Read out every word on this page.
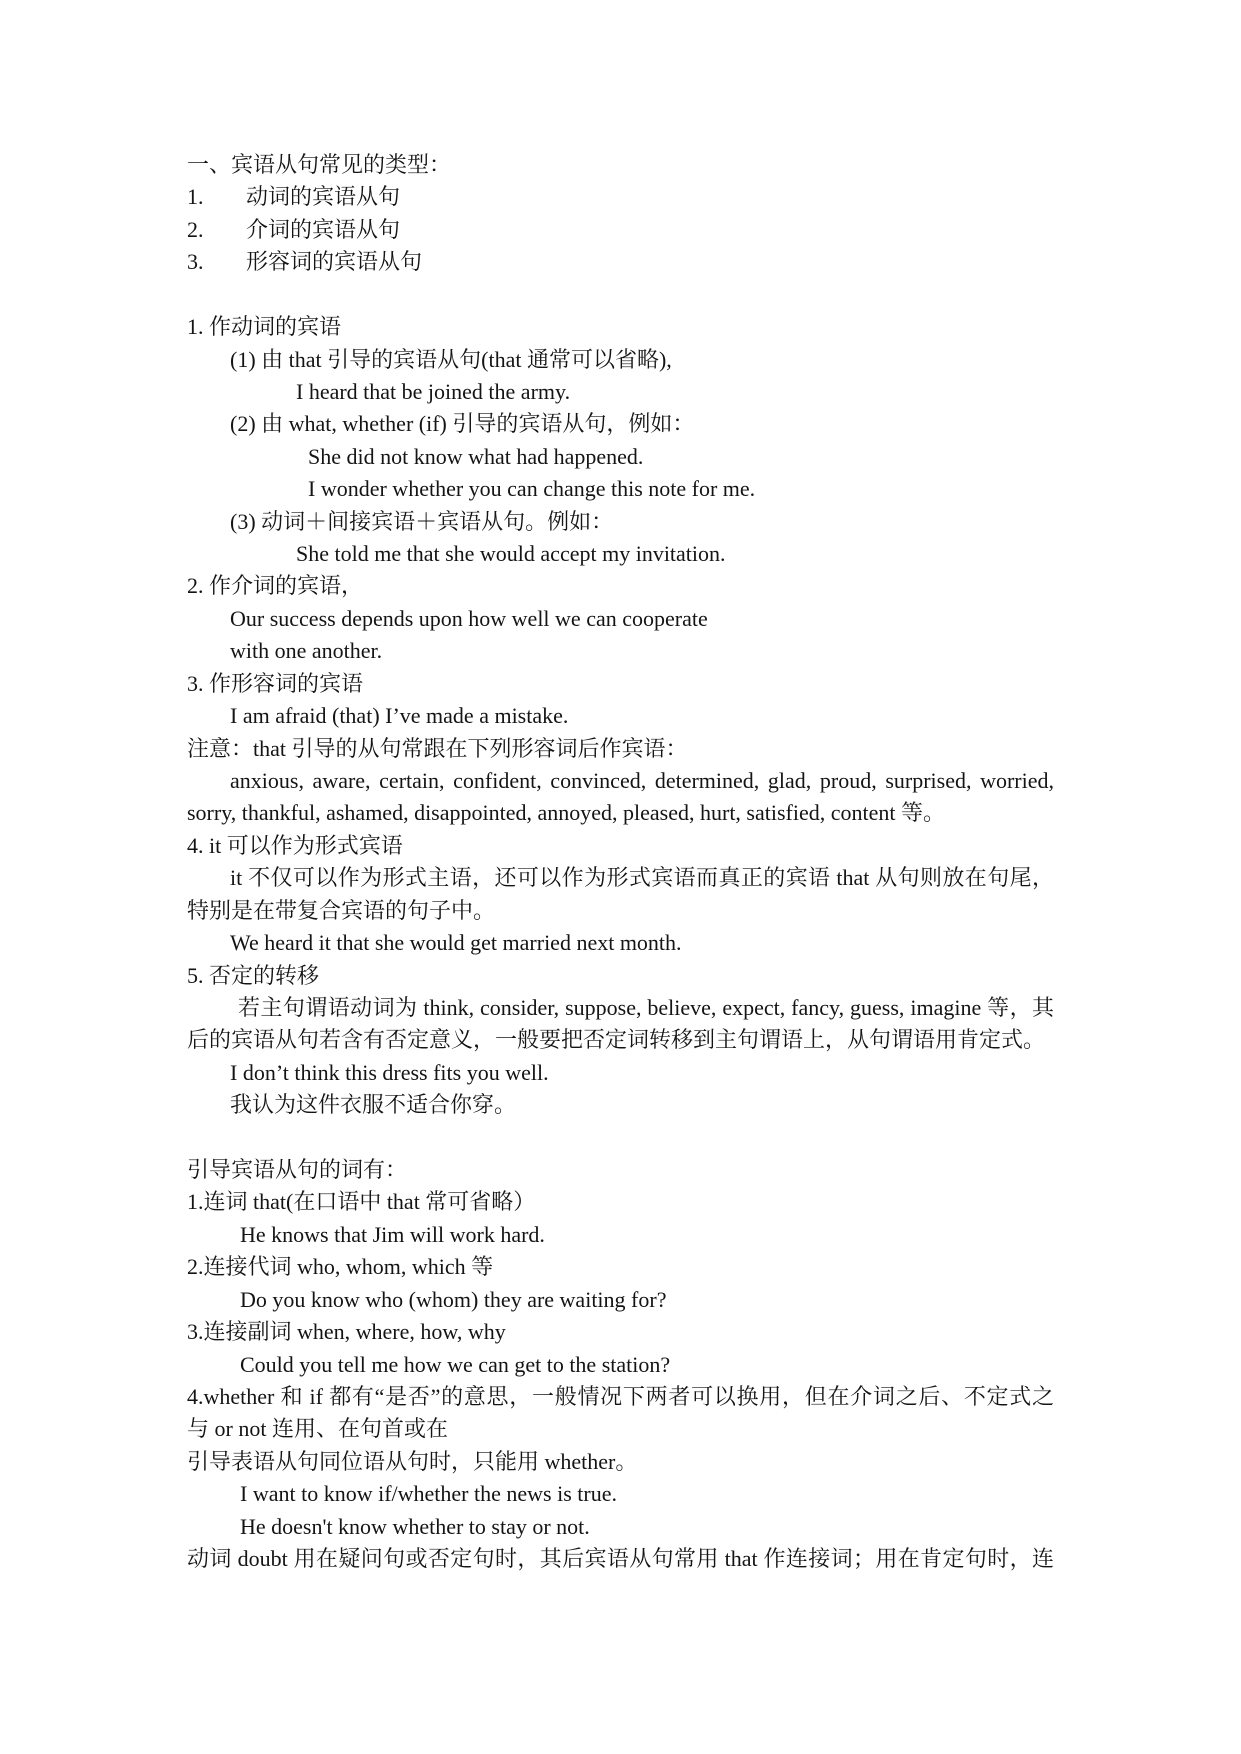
一、宾语从句常见的类型：
1. 动词的宾语从句
2. 介词的宾语从句
3. 形容词的宾语从句
1. 作动词的宾语
(1) 由 that 引导的宾语从句(that 通常可以省略),
I heard that be joined the army.
(2) 由 what, whether (if) 引导的宾语从句，例如：
She did not know what had happened.
I wonder whether you can change this note for me.
(3) 动词＋间接宾语＋宾语从句。例如：
She told me that she would accept my invitation.
2. 作介词的宾语，
Our success depends upon how well we can cooperate
with one another.
3. 作形容词的宾语
I am afraid (that) I’ve made a mistake.
注意：that 引导的从句常跟在下列形容词后作宾语：
anxious, aware, certain, confident, convinced, determined, glad, proud, surprised, worried,
sorry, thankful, ashamed, disappointed, annoyed, pleased, hurt, satisfied, content 等。
4. it 可以作为形式宾语
it 不仅可以作为形式主语，还可以作为形式宾语而真正的宾语 that 从句则放在句尾，
特别是在带复合宾语的句子中。
We heard it that she would get married next month.
5. 否定的转移
若主句谓语动词为 think, consider, suppose, believe, expect, fancy, guess, imagine 等，其
后的宾语从句若含有否定意义，一般要把否定词转移到主句谓语上，从句谓语用肯定式。
I don’t think this dress fits you well.
我认为这件衣服不适合你穿。
引导宾语从句的词有：
1.连词 that(在口语中 that 常可省略）
He knows that Jim will work hard.
2.连接代词 who, whom, which 等
Do you know who (whom) they are waiting for?
3.连接副词 when, where, how, why
Could you tell me how we can get to the station?
4.whether 和 if 都有“是否”的意思，一般情况下两者可以换用，但在介词之后、不定式之
与 or not 连用、在句首或在
引导表语从句同位语从句时，只能用 whether。
I want to know if/whether the news is true.
He doesn't know whether to stay or not.
动词 doubt 用在疑问句或否定句时，其后宾语从句常用 that 作连接词；用在肯定句时，连
